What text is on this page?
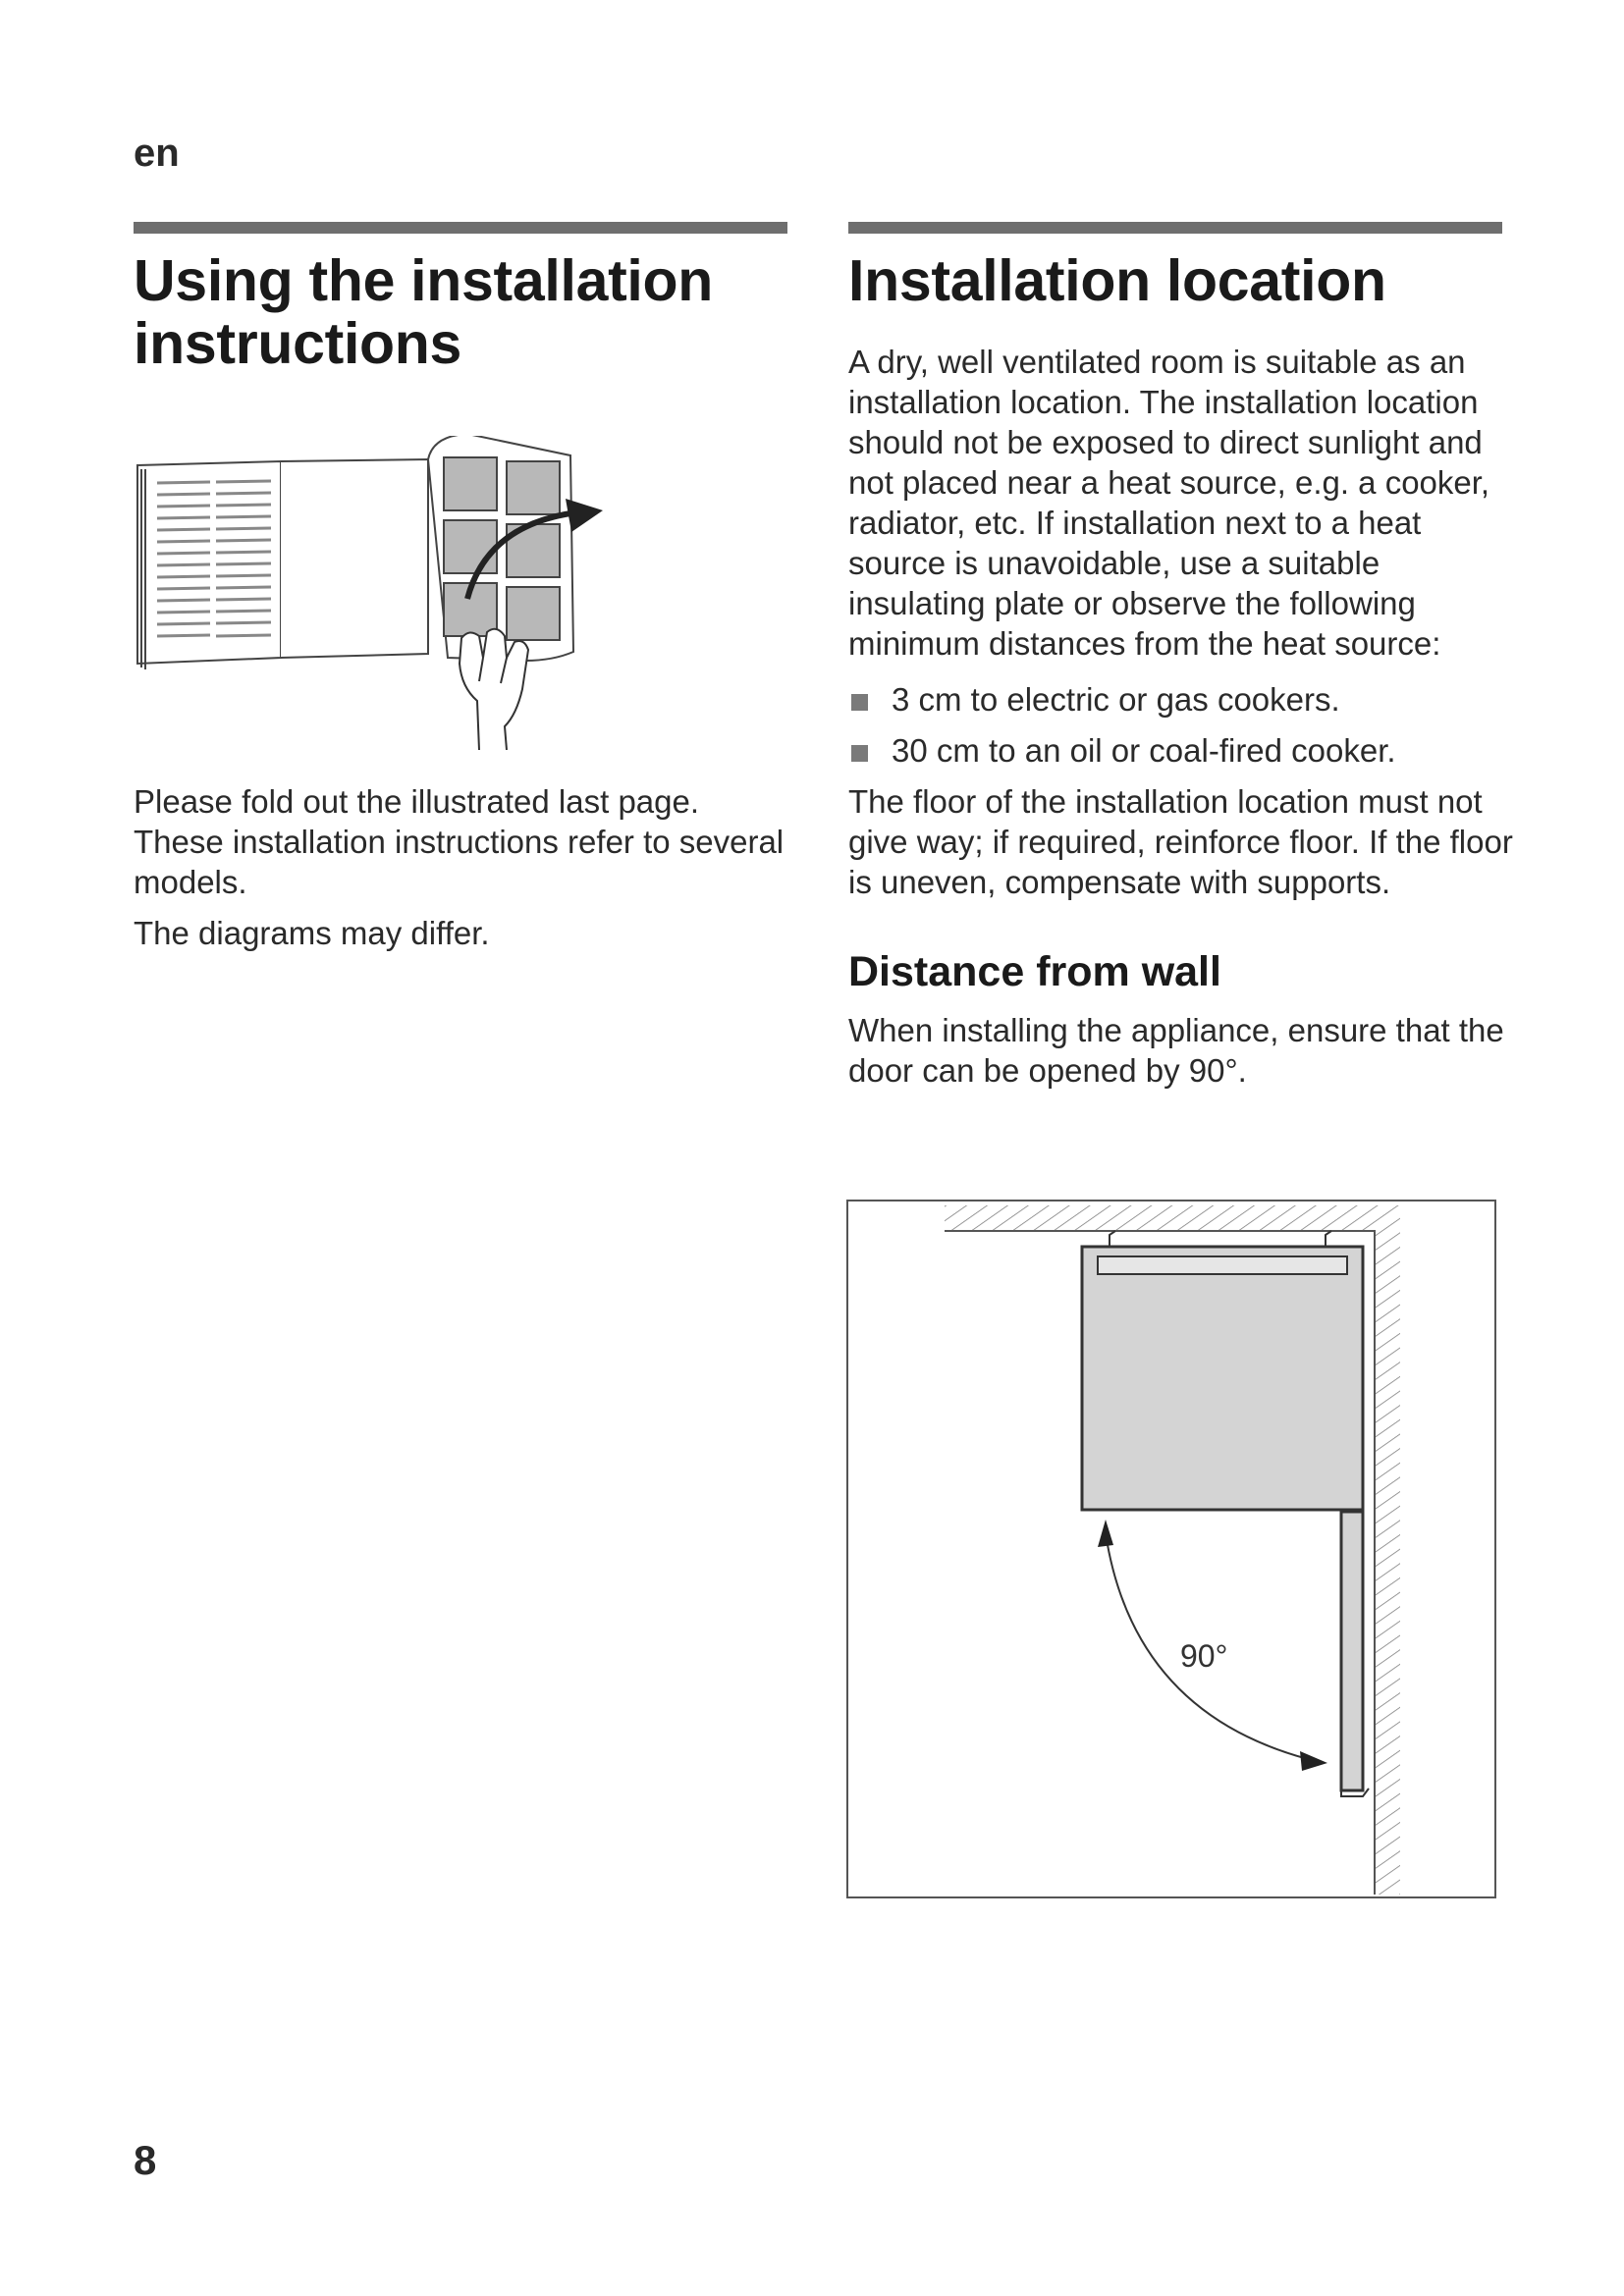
en

Using the installation instructions

Please fold out the illustrated last page. These installation instructions refer to several models.

The diagrams may differ.

Installation location

A dry, well ventilated room is suitable as an installation location. The installation location should not be exposed to direct sunlight and not placed near a heat source, e.g. a cooker, radiator, etc. If installation next to a heat source is unavoidable, use a suitable insulating plate or observe the following minimum distances from the heat source:

3 cm to electric or gas cookers.
30 cm to an oil or coal-fired cooker.

The floor of the installation location must not give way; if required, reinforce floor. If the floor is uneven, compensate with supports.

Distance from wall

When installing the appliance, ensure that the door can be opened by 90°.

90°

8
